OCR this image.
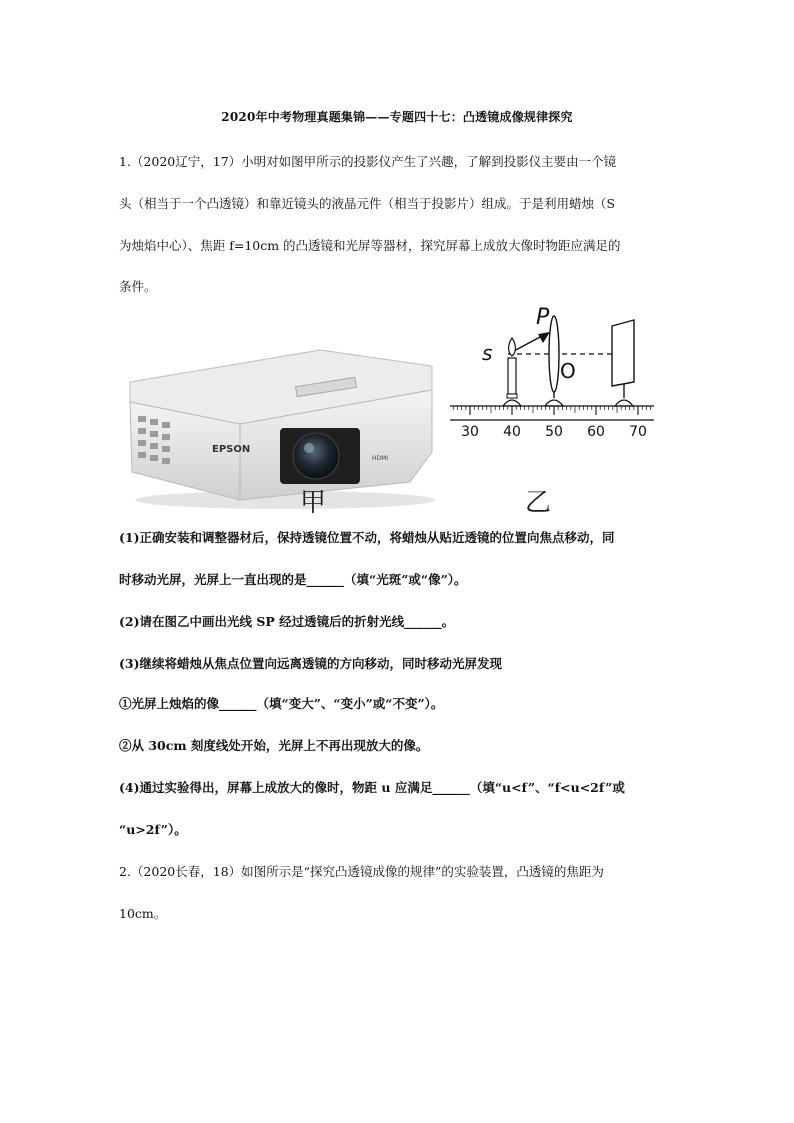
2020年中考物理真题集锦——专题四十七：凸透镜成像规律探究
1.（2020辽宁，17）小明对如图甲所示的投影仪产生了兴趣，了解到投影仪主要由一个镜
头（相当于一个凸透镜）和靠近镜头的液晶元件（相当于投影片）组成。于是利用蜡烛（S
为烛焰中心）、焦距 f=10cm 的凸透镜和光屏等器材，探究屏幕上成放大像时物距应满足的
条件。
EPSON
HDMI
P
s
O
30 40 50 60 70
甲	乙
(1)正确安装和调整器材后，保持透镜位置不动，将蜡烛从贴近透镜的位置向焦点移动，同
时移动光屏，光屏上一直出现的是______（填“光斑”或“像”）。
(2)请在图乙中画出光线 SP 经过透镜后的折射光线______。
(3)继续将蜡烛从焦点位置向远离透镜的方向移动，同时移动光屏发现
①光屏上烛焰的像______（填“变大”、“变小”或“不变”）。
②从 30cm 刻度线处开始，光屏上不再出现放大的像。
(4)通过实验得出，屏幕上成放大的像时，物距 u 应满足______（填“u<f”、“f<u<2f”或
“u>2f”）。
2.（2020长春，18）如图所示是“探究凸透镜成像的规律”的实验装置，凸透镜的焦距为
10cm。
